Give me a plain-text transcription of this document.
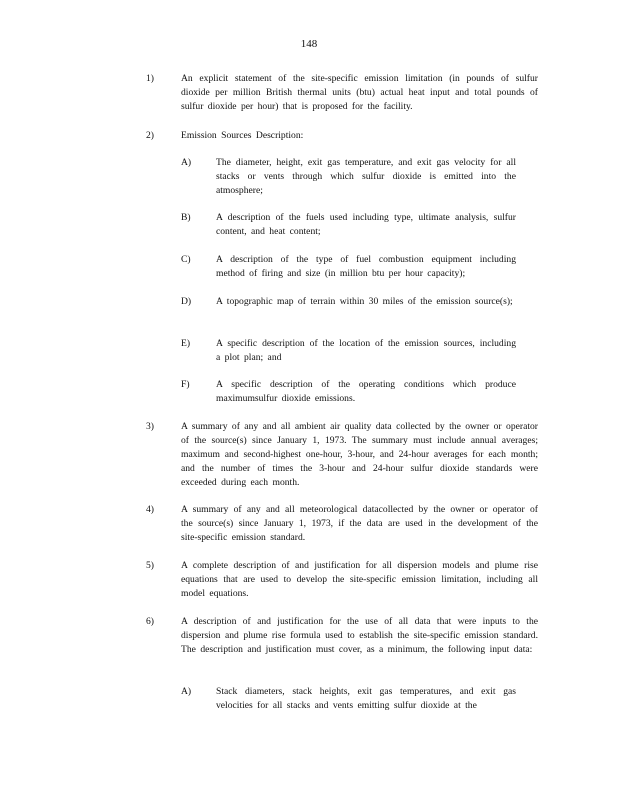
148
1)	An explicit statement of the site-specific emission limitation (in pounds of sulfur dioxide per million British thermal units (btu) actual heat input and total pounds of sulfur dioxide per hour) that is proposed for the facility.
2)	Emission Sources Description:
A)	The diameter, height, exit gas temperature, and exit gas velocity for all stacks or vents through which sulfur dioxide is emitted into the atmosphere;
B)	A description of the fuels used including type, ultimate analysis, sulfur content, and heat content;
C)	A description of the type of fuel combustion equipment including method of firing and size (in million btu per hour capacity);
D)	A topographic map of terrain within 30 miles of the emission source(s);
E)	A specific description of the location of the emission sources, including a plot plan; and
F)	A specific description of the operating conditions which produce maximumsulfur dioxide emissions.
3)	A summary of any and all ambient air quality data collected by the owner or operator of the source(s) since January 1, 1973. The summary must include annual averages; maximum and second-highest one-hour, 3-hour, and 24-hour averages for each month; and the number of times the 3-hour and 24-hour sulfur dioxide standards were exceeded during each month.
4)	A summary of any and all meteorological datacollected by the owner or operator of the source(s) since January 1, 1973, if the data are used in the development of the site-specific emission standard.
5)	A complete description of and justification for all dispersion models and plume rise equations that are used to develop the site-specific emission limitation, including all model equations.
6)	A description of and justification for the use of all data that were inputs to the dispersion and plume rise formula used to establish the site-specific emission standard. The description and justification must cover, as a minimum, the following input data:
A)	Stack diameters, stack heights, exit gas temperatures, and exit gas velocities for all stacks and vents emitting sulfur dioxide at the
